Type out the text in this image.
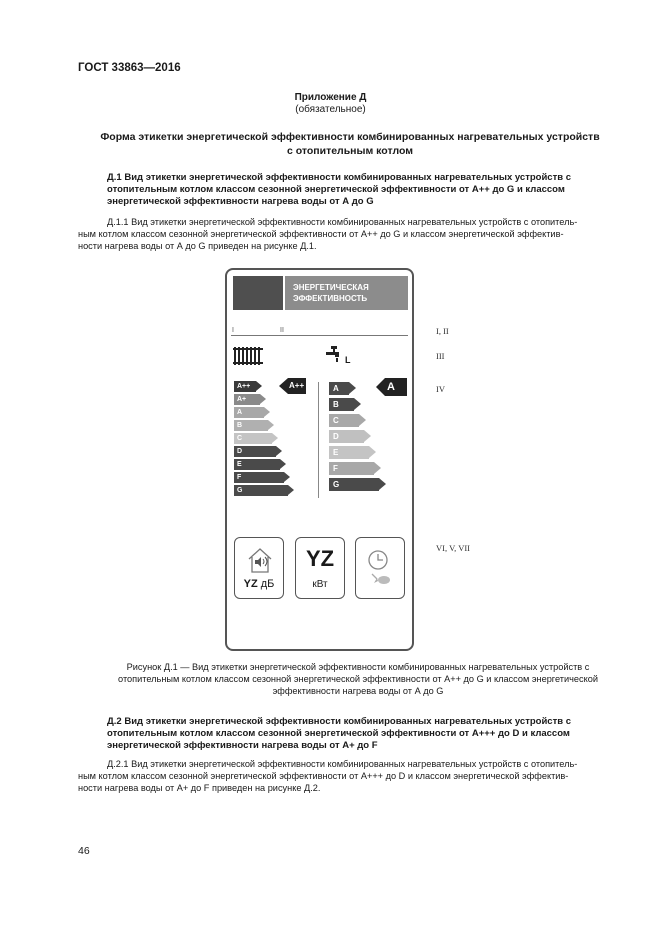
ГОСТ 33863—2016
Приложение Д
(обязательное)
Форма этикетки энергетической эффективности комбинированных нагревательных устройств
с отопительным котлом
Д.1 Вид этикетки энергетической эффективности комбинированных нагревательных устройств с
отопительным котлом классом сезонной энергетической эффективности от А++ до G и классом
энергетической эффективности нагрева воды от А до G
Д.1.1 Вид этикетки энергетической эффективности комбинированных нагревательных устройств с отопитель-
ным котлом классом сезонной энергетической эффективности от А++ до G и классом энергетической эффектив-
ности нагрева воды от А до G приведен на рисунке Д.1.
ЭНЕРГЕТИЧЕСКАЯ
ЭФФЕКТИВНОСТЬ
I	II
L
A++
A+
A
B
C
D
E
F
G
A++	A
B
C
D
E
F
G
A
YZ дБ
YZ
кВт
I, II
III
IV
VI, V, VII
Рисунок Д.1 — Вид этикетки энергетической эффективности комбинированных нагревательных устройств с
отопительным котлом классом сезонной энергетической эффективности от А++ до G и классом энергетической
эффективности нагрева воды от А до G
Д.2 Вид этикетки энергетической эффективности комбинированных нагревательных устройств с
отопительным котлом классом сезонной энергетической эффективности от А+++ до D и классом
энергетической эффективности нагрева воды от А+ до F
Д.2.1 Вид этикетки энергетической эффективности комбинированных нагревательных устройств с отопитель-
ным котлом классом сезонной энергетической эффективности от А+++ до D и классом энергетической эффектив-
ности нагрева воды от А+ до F приведен на рисунке Д.2.
46
